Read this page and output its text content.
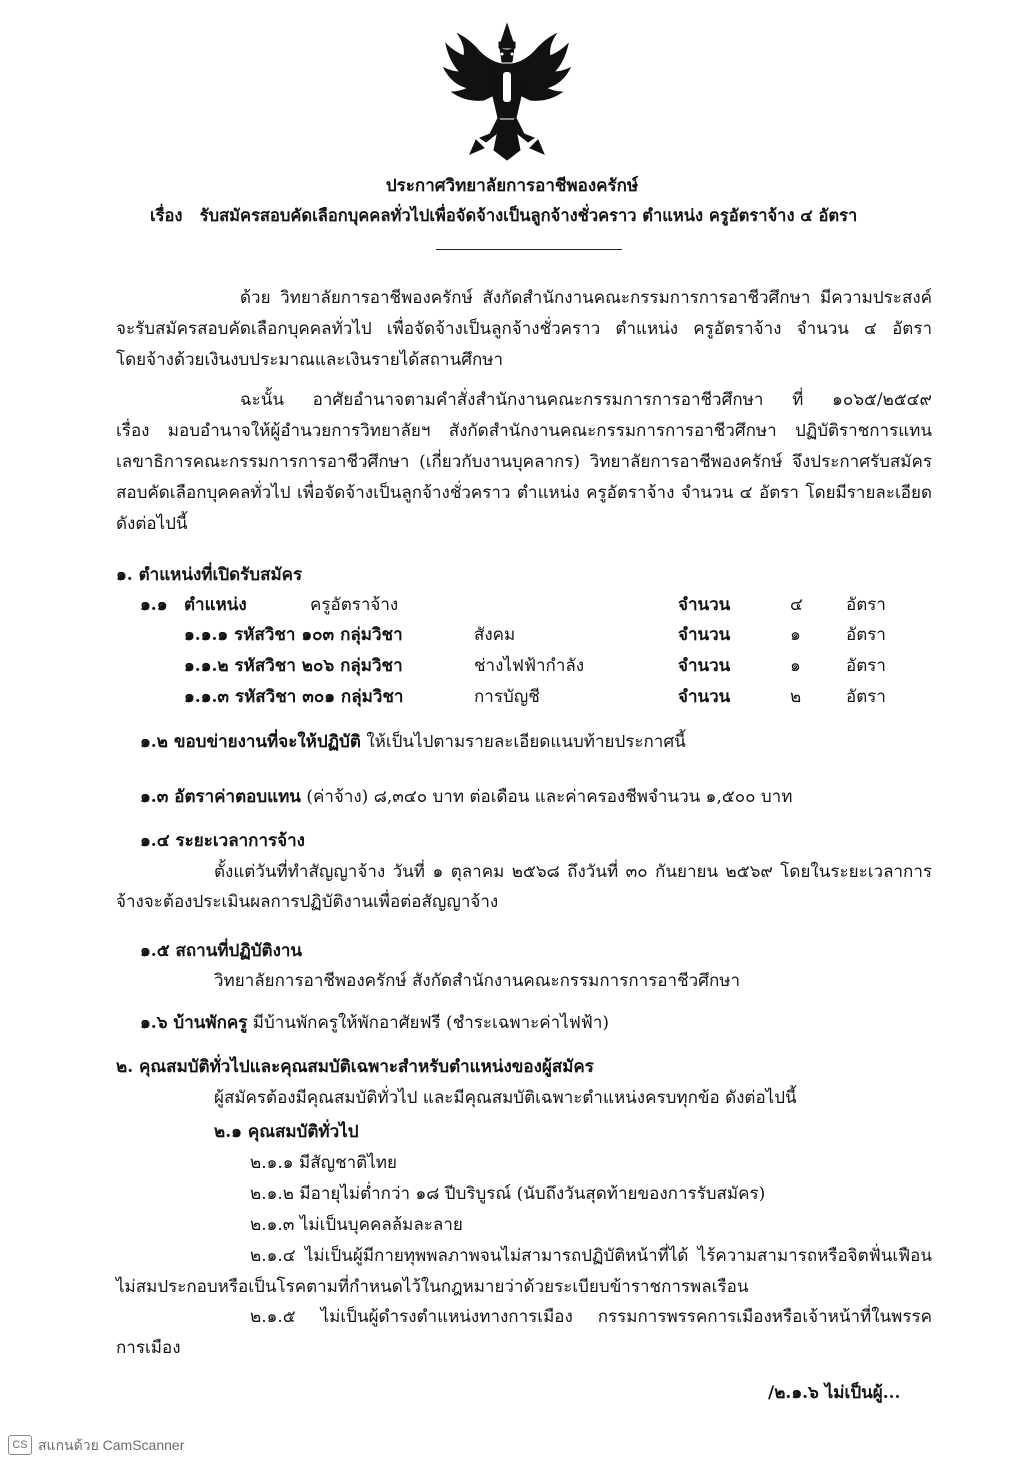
ประกาศวิทยาลัยการอาชีพองครักษ์
เรื่อง รับสมัครสอบคัดเลือกบุคคลทั่วไปเพื่อจัดจ้างเป็นลูกจ้างชั่วคราว ตำแหน่ง ครูอัตราจ้าง ๔ อัตรา
ด้วย วิทยาลัยการอาชีพองครักษ์ สังกัดสำนักงานคณะกรรมการการอาชีวศึกษา มีความประสงค์
จะรับสมัครสอบคัดเลือกบุคคลทั่วไป เพื่อจัดจ้างเป็นลูกจ้างชั่วคราว ตำแหน่ง ครูอัตราจ้าง จำนวน ๔ อัตรา
โดยจ้างด้วยเงินงบประมาณและเงินรายได้สถานศึกษา
ฉะนั้น อาศัยอำนาจตามคำสั่งสำนักงานคณะกรรมการการอาชีวศึกษา ที่ ๑๐๖๕/๒๕๔๙
เรื่อง มอบอำนาจให้ผู้อำนวยการวิทยาลัยฯ สังกัดสำนักงานคณะกรรมการการอาชีวศึกษา ปฏิบัติราชการแทน
เลขาธิการคณะกรรมการการอาชีวศึกษา (เกี่ยวกับงานบุคลากร) วิทยาลัยการอาชีพองครักษ์ จึงประกาศรับสมัคร
สอบคัดเลือกบุคคลทั่วไป เพื่อจัดจ้างเป็นลูกจ้างชั่วคราว ตำแหน่ง ครูอัตราจ้าง จำนวน ๔ อัตรา โดยมีรายละเอียด
ดังต่อไปนี้
๑. ตำแหน่งที่เปิดรับสมัคร
๑.๑ ตำแหน่ง	ครูอัตราจ้าง	จำนวน	๔	อัตรา
๑.๑.๑ รหัสวิชา ๑๐๓ กลุ่มวิชา	สังคม	จำนวน	๑	อัตรา
๑.๑.๒ รหัสวิชา ๒๐๖ กลุ่มวิชา	ช่างไฟฟ้ากำลัง	จำนวน	๑	อัตรา
๑.๑.๓ รหัสวิชา ๓๐๑ กลุ่มวิชา	การบัญชี	จำนวน	๒	อัตรา
๑.๒ ขอบข่ายงานที่จะให้ปฏิบัติ ให้เป็นไปตามรายละเอียดแนบท้ายประกาศนี้
๑.๓ อัตราค่าตอบแทน (ค่าจ้าง) ๘,๓๔๐ บาท ต่อเดือน และค่าครองชีพจำนวน ๑,๕๐๐ บาท
๑.๔ ระยะเวลาการจ้าง
ตั้งแต่วันที่ทำสัญญาจ้าง วันที่ ๑ ตุลาคม ๒๕๖๘ ถึงวันที่ ๓๐ กันยายน ๒๕๖๙ โดยในระยะเวลาการ
จ้างจะต้องประเมินผลการปฏิบัติงานเพื่อต่อสัญญาจ้าง
๑.๕ สถานที่ปฏิบัติงาน
วิทยาลัยการอาชีพองครักษ์ สังกัดสำนักงานคณะกรรมการการอาชีวศึกษา
๑.๖ บ้านพักครู มีบ้านพักครูให้พักอาศัยฟรี (ชำระเฉพาะค่าไฟฟ้า)
๒. คุณสมบัติทั่วไปและคุณสมบัติเฉพาะสำหรับตำแหน่งของผู้สมัคร
ผู้สมัครต้องมีคุณสมบัติทั่วไป และมีคุณสมบัติเฉพาะตำแหน่งครบทุกข้อ ดังต่อไปนี้
๒.๑ คุณสมบัติทั่วไป
๒.๑.๑ มีสัญชาติไทย
๒.๑.๒ มีอายุไม่ต่ำกว่า ๑๘ ปีบริบูรณ์ (นับถึงวันสุดท้ายของการรับสมัคร)
๒.๑.๓ ไม่เป็นบุคคลล้มละลาย
๒.๑.๔ ไม่เป็นผู้มีกายทุพพลภาพจนไม่สามารถปฏิบัติหน้าที่ได้ ไร้ความสามารถหรือจิตฟั่นเฟือน
ไม่สมประกอบหรือเป็นโรคตามที่กำหนดไว้ในกฎหมายว่าด้วยระเบียบข้าราชการพลเรือน
๒.๑.๕ ไม่เป็นผู้ดำรงตำแหน่งทางการเมือง กรรมการพรรคการเมืองหรือเจ้าหน้าที่ในพรรค
การเมือง
/๒.๑.๖ ไม่เป็นผู้...
CS สแกนด้วย CamScanner
